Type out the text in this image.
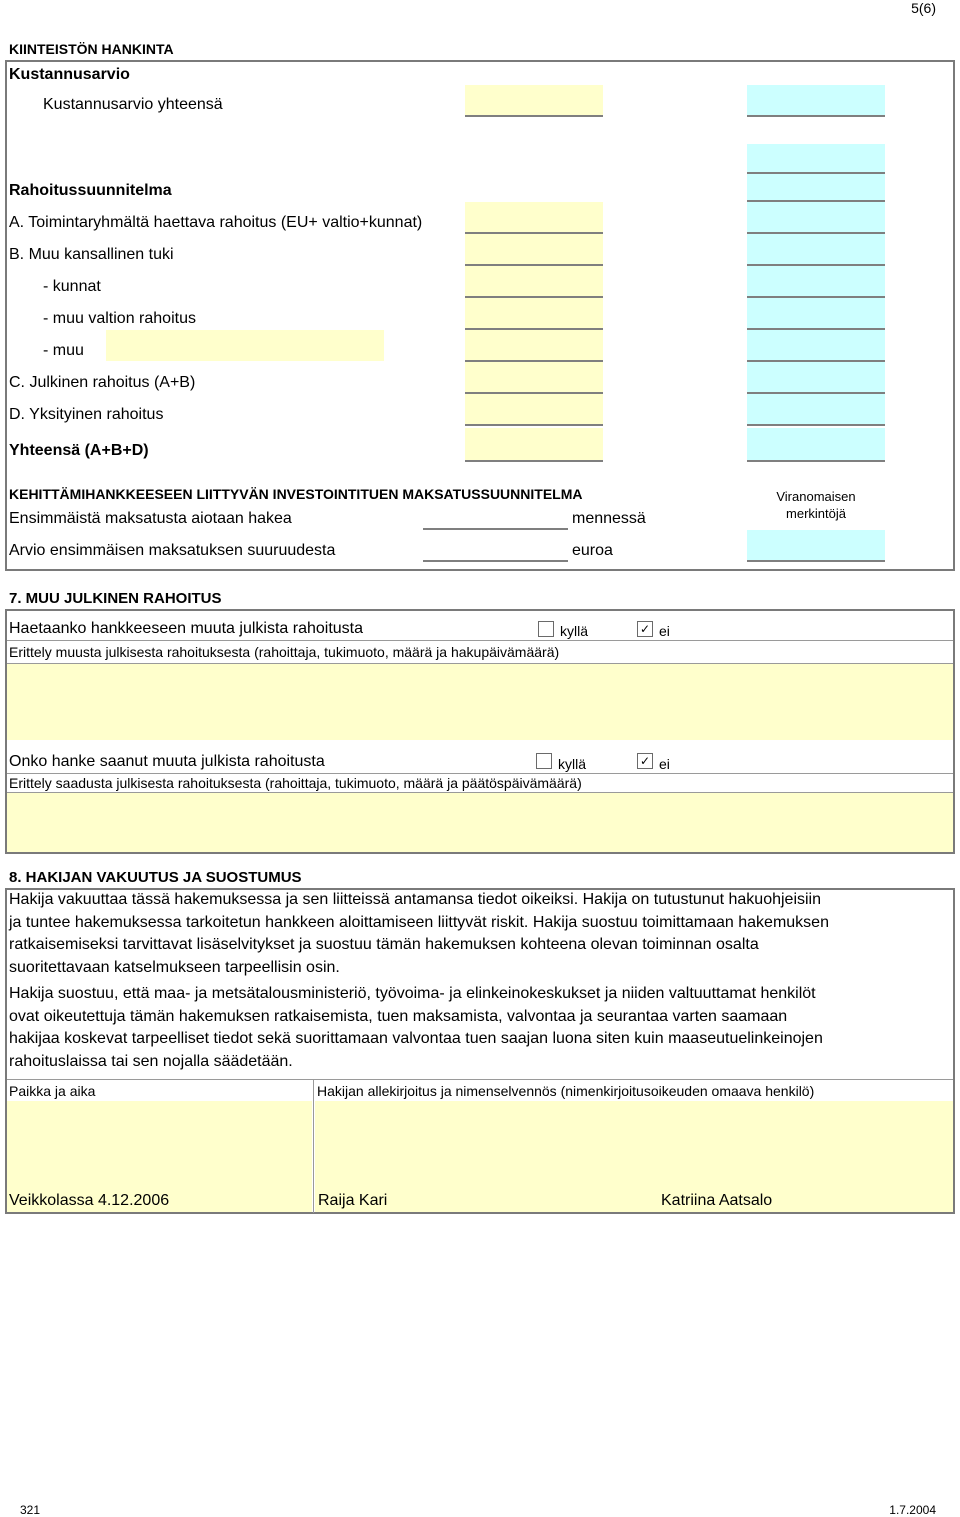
5(6)
KIINTEISTÖN HANKINTA
Kustannusarvio
Kustannusarvio yhteensä
Rahoitussuunnitelma
A. Toimintaryhmältä haettava rahoitus (EU+ valtio+kunnat)
B. Muu kansallinen tuki
- kunnat
- muu valtion rahoitus
- muu
C. Julkinen rahoitus (A+B)
D. Yksityinen rahoitus
Yhteensä (A+B+D)
KEHITTÄMIHANKKEESEEN LIITTYVÄN INVESTOINTITUEN MAKSATUSSUUNNITELMA
Ensimmäistä maksatusta aiotaan hakea	mennessä
Arvio ensimmäisen maksatuksen suuruudesta	euroa
Viranomaisen
merkintöjä
7. MUU JULKINEN RAHOITUS
Haetaanko hankkeeseen muuta julkista rahoitusta	kyllä	✓ ei
Erittely muusta julkisesta rahoituksesta (rahoittaja, tukimuoto, määrä ja hakupäivämäärä)
Onko hanke saanut muuta julkista rahoitusta	kyllä	✓ ei
Erittely saadusta julkisesta rahoituksesta (rahoittaja, tukimuoto, määrä ja päätöspäivämäärä)
8. HAKIJAN VAKUUTUS JA SUOSTUMUS
Hakija vakuuttaa tässä hakemuksessa ja sen liitteissä antamansa tiedot oikeiksi. Hakija on tutustunut hakuohjeisiin
ja tuntee hakemuksessa tarkoitetun hankkeen aloittamiseen liittyvät riskit. Hakija suostuu toimittamaan hakemuksen
ratkaisemiseksi tarvittavat lisäselvitykset ja suostuu tämän hakemuksen kohteena olevan toiminnan osalta
suoritettavaan katselmukseen tarpeellisin osin.
Hakija suostuu, että maa- ja metsätalousministeriö, työvoima- ja elinkeinokeskukset ja niiden valtuuttamat henkilöt
ovat oikeutettuja tämän hakemuksen ratkaisemista, tuen maksamista, valvontaa ja seurantaa varten saamaan
hakijaa koskevat tarpeelliset tiedot sekä suorittamaan valvontaa tuen saajan luona siten kuin maaseutuelinkeinojen
rahoituslaissa tai sen nojalla säädetään.
Paikka ja aika	Hakijan allekirjoitus ja nimenselvennös (nimenkirjoitusoikeuden omaava henkilö)
Veikkolassa 4.12.2006	Raija Kari	Katriina Aatsalo
321	1.7.2004
